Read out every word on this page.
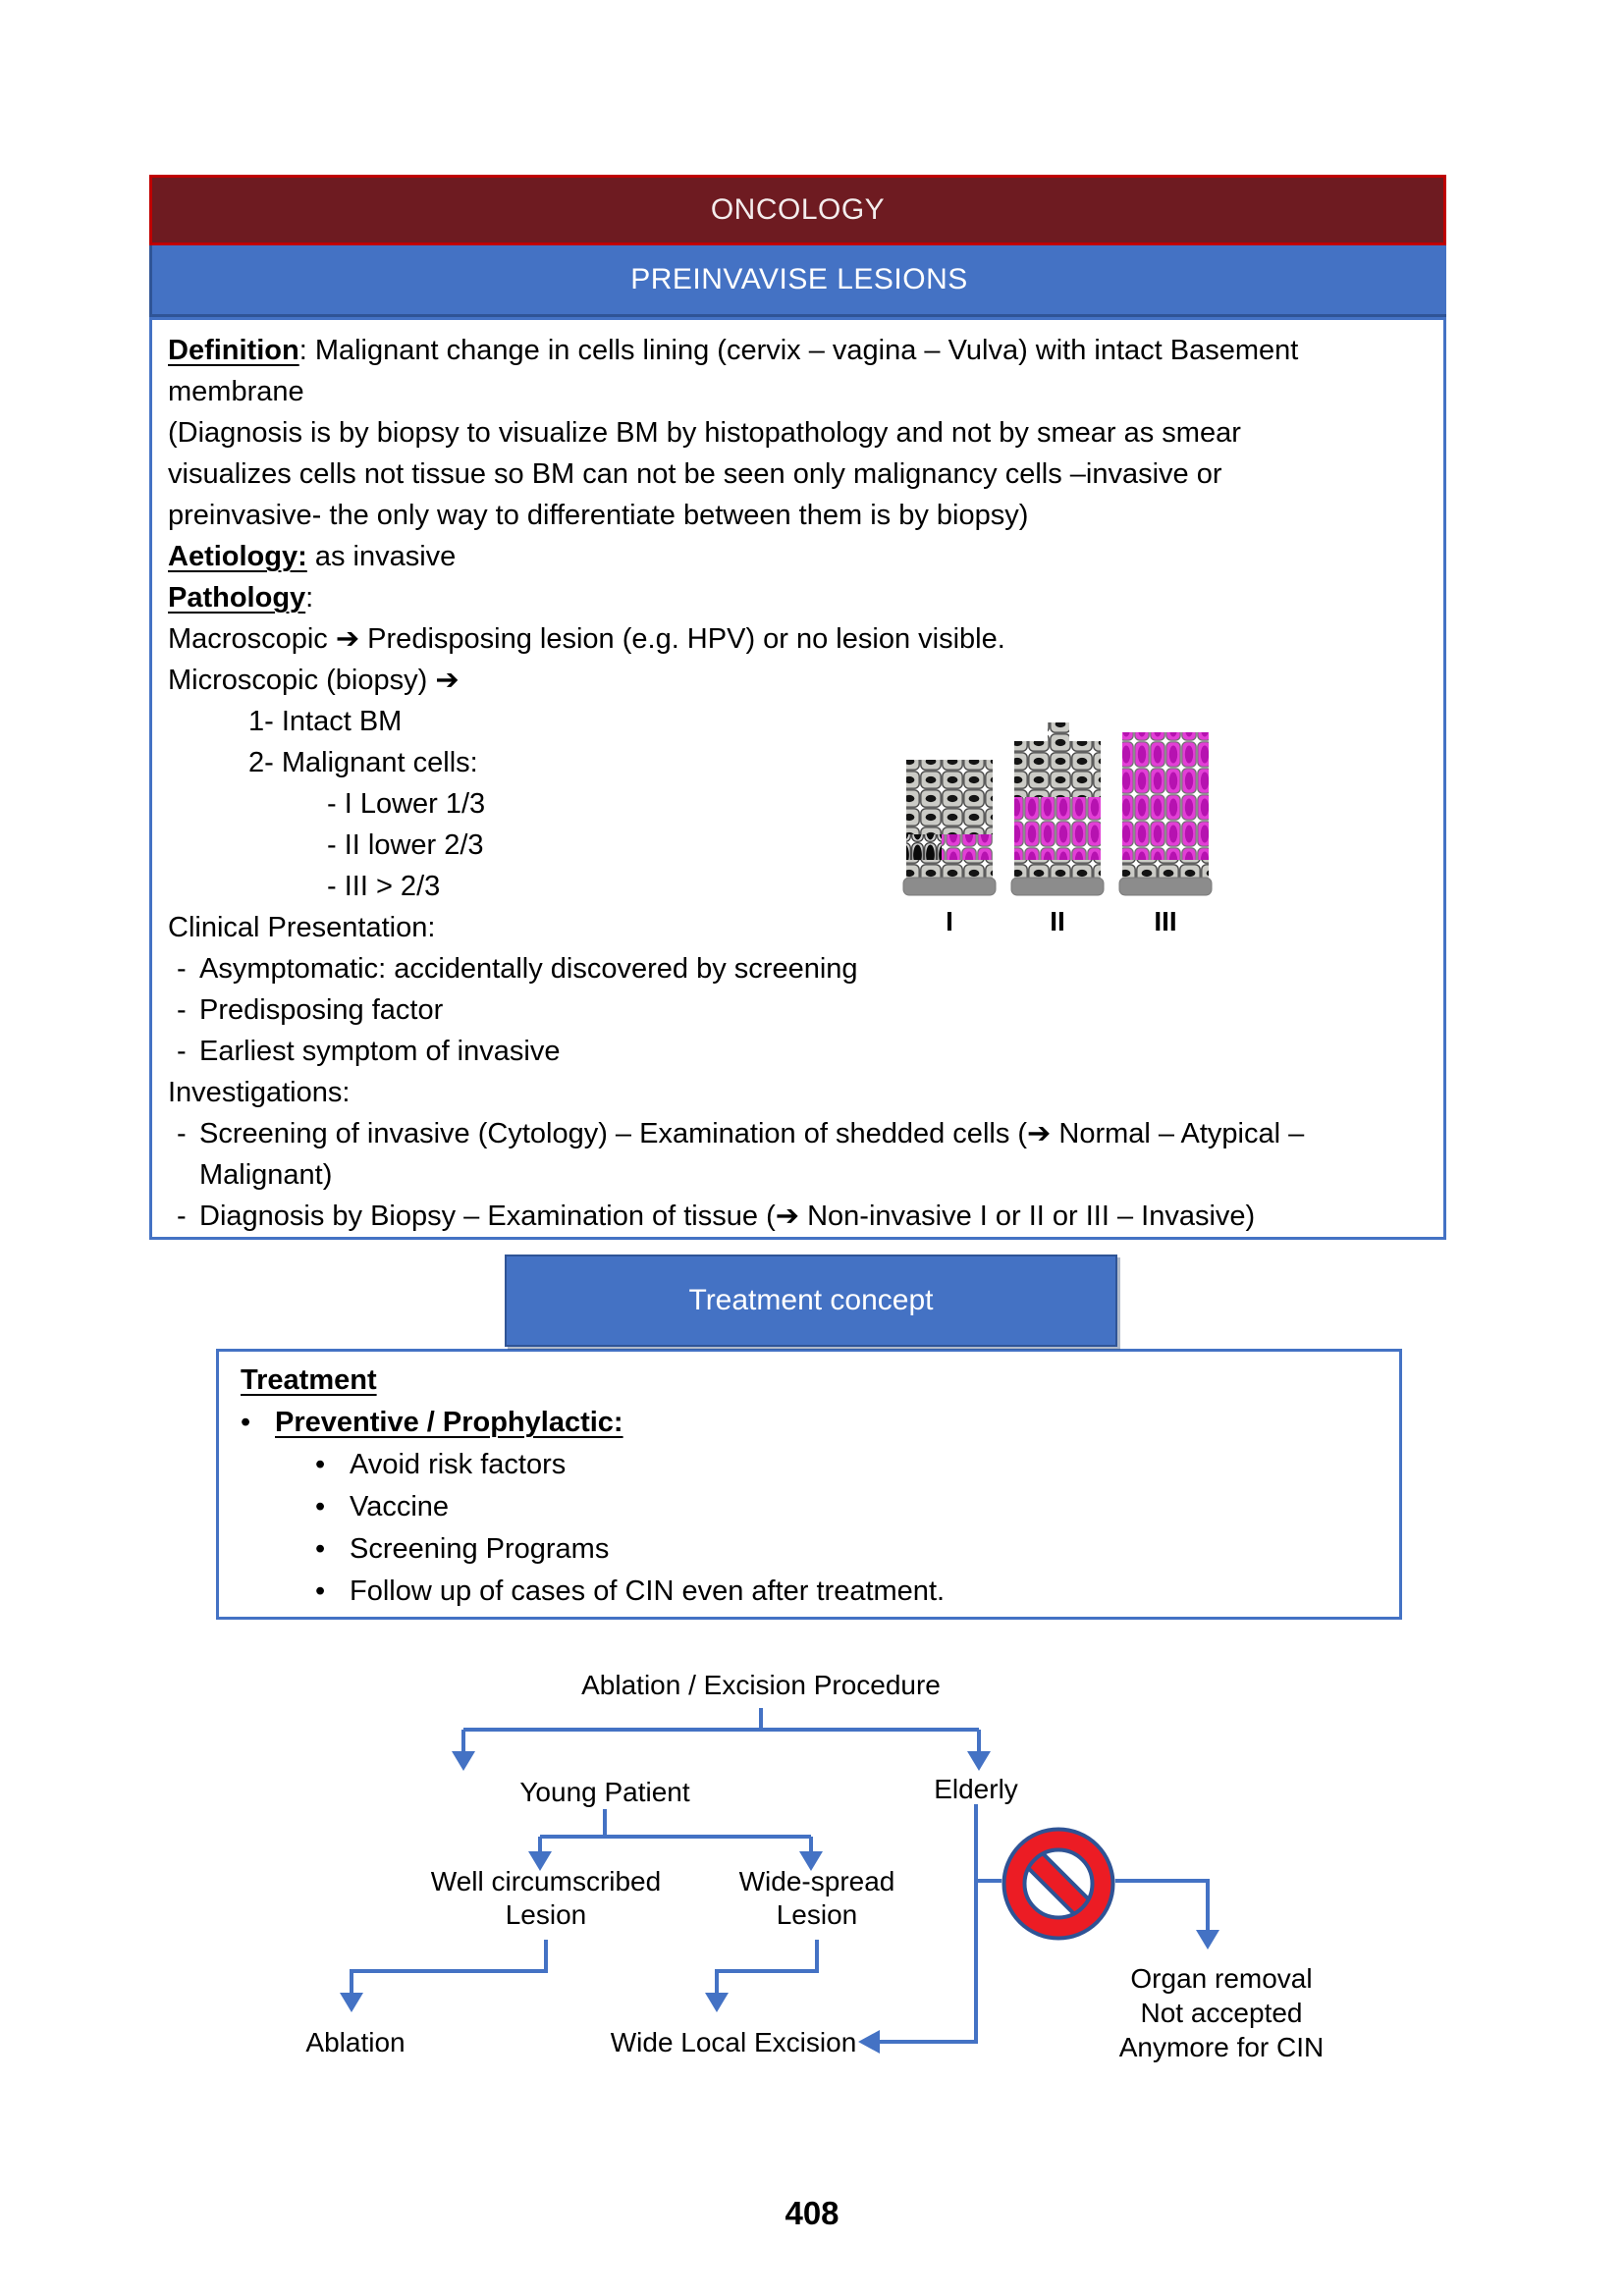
ONCOLOGY
PREINVAVISE LESIONS
Definition: Malignant change in cells lining (cervix – vagina – Vulva) with intact Basement
membrane
(Diagnosis is by biopsy to visualize BM by histopathology and not by smear as smear
visualizes cells not tissue so BM can not be seen only malignancy cells –invasive or
preinvasive- the only way to differentiate between them is by biopsy)
Aetiology: as invasive
Pathology:
Macroscopic ➔ Predisposing lesion (e.g. HPV) or no lesion visible.
Microscopic (biopsy) ➔
1- Intact BM
2- Malignant cells:
- I Lower 1/3
- II lower 2/3
- III > 2/3
Clinical Presentation:
- Asymptomatic: accidentally discovered by screening
- Predisposing factor
- Earliest symptom of invasive
Investigations:
- Screening of invasive (Cytology) – Examination of shedded cells (➔ Normal – Atypical –
Malignant)
- Diagnosis by Biopsy – Examination of tissue (➔ Non-invasive I or II or III – Invasive)
I	II	III
Treatment concept
Treatment
• Preventive / Prophylactic:
• Avoid risk factors
• Vaccine
• Screening Programs
• Follow up of cases of CIN even after treatment.
Ablation / Excision Procedure
Young Patient	Elderly
Well circumscribed
Lesion
Wide-spread
Lesion
Ablation	Wide Local Excision
Organ removal
Not accepted
Anymore for CIN
408
